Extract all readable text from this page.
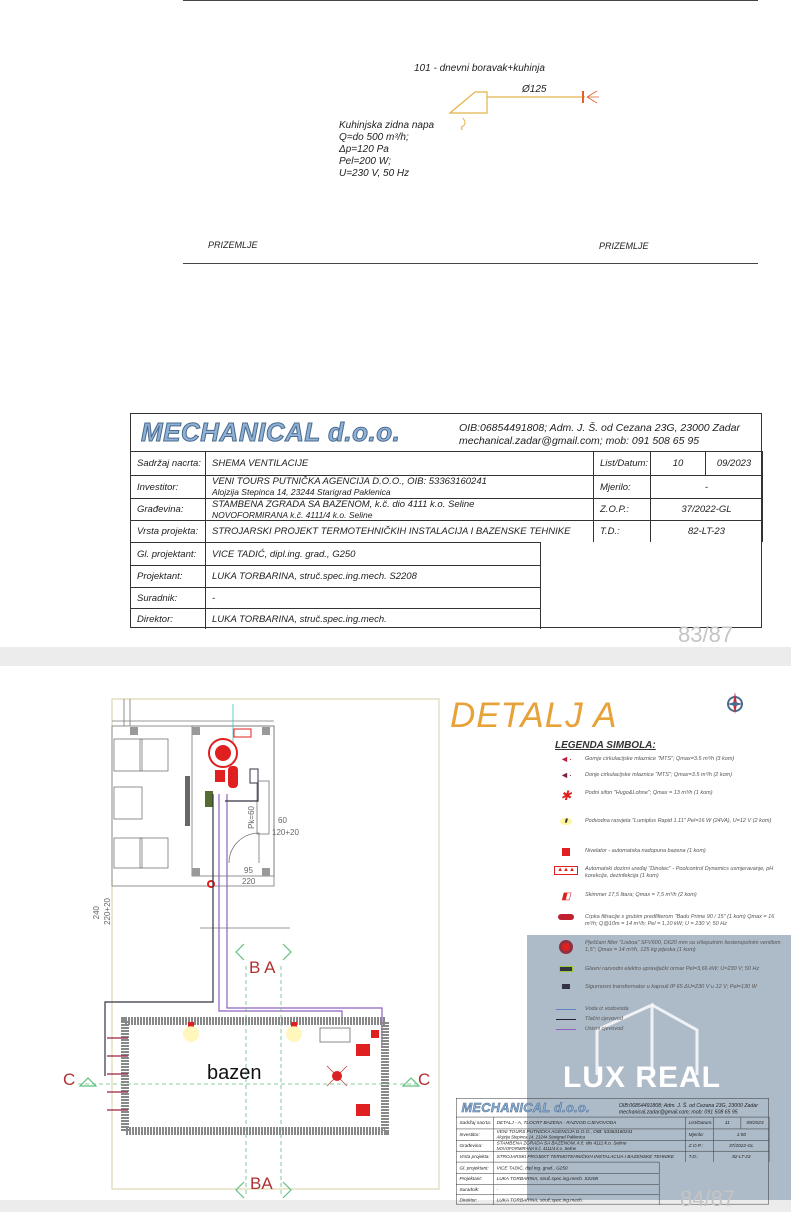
LUX REAL
101 - dnevni boravak+kuhinja
Ø125
Kuhinjska zidna napa
Q=do 500 m³/h;
Δp=120 Pa
Pel=200 W;
U=230 V, 50 Hz
PRIZEMLJE	PRIZEMLJE
MECHANICAL d.o.o.	OIB:06854491808; Adm. J. Š. od Cezana 23G, 23000 Zadar
mechanical.zadar@gmail.com; mob: 091 508 65 95
Sadržaj nacrta:	SHEMA VENTILACIJE	List/Datum:	10	09/2023
Investitor:	VENI TOURS PUTNIČKA AGENCIJA D.O.O., OIB: 53363160241
Alojzija Stepinca 14, 23244 Starigrad Paklenica	Mjerilo:	-
Građevina:	STAMBENA ZGRADA SA BAZENOM, k.č. dio 4111 k.o. Seline
NOVOFORMIRANA k.č. 4111/4 k.o. Seline	Z.O.P.:	37/2022-GL
Vrsta projekta:	STROJARSKI PROJEKT TERMOTEHNIČKIH INSTALACIJA I BAZENSKE TEHNIKE	T.D.:	82-LT-23
Gl. projektant:	VICE TADIĆ, dipl.ing. grad., G250
Projektant:	LUKA TORBARINA, struč.spec.ing.mech. S2208
Suradnik:	-
Direktor:	LUKA TORBARINA, struč.spec.ing.mech.
83/87
DETALJ A
60
120+20
Pk=60
95
220
240 220+20
bazen
B A
BA
C	C
LEGENDA SIMBOLA:
◄· Gornje cirkulacijske mlaznice "MTS"; Qmax=3.5 m³/h (3 kom)
◄· Donje cirkulacijske mlaznice "MTS"; Qmax=3.5 m³/h (2 kom)
✱ Podni sifon "Hugo&Lohne"; Qmax = 13 m³/h (1 kom)
▮	Podvodna rasvjeta "Lumiplus Rapid 1.11" Pel=16 W (24VA), U=12 V (2 kom)
Nivelator - automatska nadopuna bazena (1 kom)
▲▲▲	Automatski dozirni uređaj "Dinotec" - Poolcontrol Dynamics usmjeravanje, pH korekcija, dezinfekcija (1 kom)
◧	Skimmer 17,5 litara; Qmax = 7,5 m³/h (2 kom)
Crpka filtracije s grubim predfilterom "Badu Prime 90 / 15" (1 kom) Qmax = 16 m³/h; Q@10m = 14 m³/h; Pel = 1,10 kW; U = 230 V; 50 Hz
Pješčani filter "Lisboa" SFV600, D620 mm sa višeputnim šesteropolnim ventilom 1,5"; Qmax = 14 m³/h, 125 kg pijeska (1 kom)
Glavni razvodni elektro upravljački ormar Pel=3,66 kW; U=230 V; 50 Hz
Sigurnosni transformator u kapsuli IP 65 ΔU=230 V u 12 V; Pel=130 W
Voda iz vodovoda
Tlačni cjevovod
Usisni cjevovod
MECHANICAL d.o.o.	OIB:06854491808; Adm. J. Š. od Cezana 23G, 23000 Zadar
mechanical.zadar@gmail.com; mob: 091 508 65 95
Sadržaj nacrta: DETALJ - A, TLOCRT BAZENA - RAZVOD CJEVOVODA	List/Datum:	11	09/2023
Investitor:	VENI TOURS PUTNIČKA AGENCIJA D.O.O., OIB: 53363160241
Alojzija Stepinca 14, 23244 Starigrad Paklenica	Mjerilo:	1:50
Građevina:	STAMBENA ZGRADA SA BAZENOM, k.č. dio 4111 k.o. Seline
NOVOFORMIRANA k.č. 4111/4 k.o. Seline	Z.O.P.:	37/2022-GL
Vrsta projekta: STROJARSKI PROJEKT TERMOTEHNIČKIH INSTALACIJA I BAZENSKE TEHNIKE	T.D.:	82-LT-23
Gl. projektant: VICE TADIĆ, dipl.ing. grad., G250
Projektant:	LUKA TORBARINA, struč.spec.ing.mech. S2208
Suradnik:	-
Direktor:	LUKA TORBARINA, struč.spec.ing.mech.	84/87
